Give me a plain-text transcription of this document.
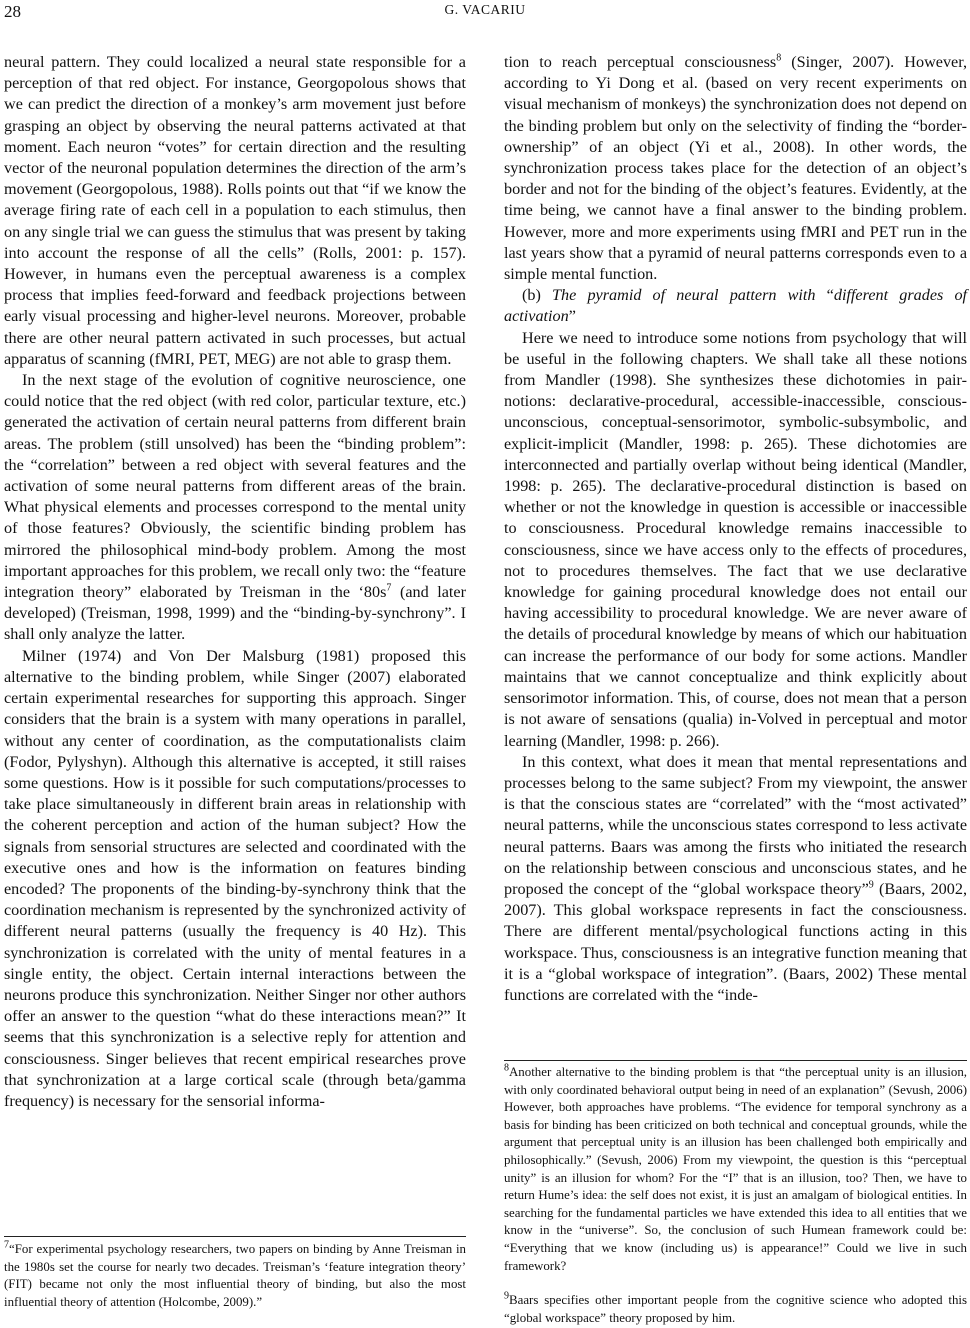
28	G. VACARIU

neural pattern. They could localized a neural state responsible for a perception of that red object. For instance, Georgopolous shows that we can predict the direction of a monkey’s arm movement just before grasping an object by observing the neural patterns activated at that moment. Each neuron “votes” for certain direction and the resulting vector of the neuronal population determines the direction of the arm’s movement (Georgopolous, 1988). Rolls points out that “if we know the average firing rate of each cell in a population to each stimulus, then on any single trial we can guess the stimulus that was present by taking into account the response of all the cells” (Rolls, 2001: p. 157). However, in humans even the perceptual awareness is a complex process that implies feed-forward and feedback projections between early visual processing and higher-level neurons. Moreover, probable there are other neural pattern activated in such processes, but actual apparatus of scanning (fMRI, PET, MEG) are not able to grasp them.

In the next stage of the evolution of cognitive neuroscience, one could notice that the red object (with red color, particular texture, etc.) generated the activation of certain neural patterns from different brain areas. The problem (still unsolved) has been the “binding problem”: the “correlation” between a red object with several features and the activation of some neural patterns from different areas of the brain. What physical elements and processes correspond to the mental unity of those features? Obviously, the scientific binding problem has mirrored the philosophical mind-body problem. Among the most important approaches for this problem, we recall only two: the “feature integration theory” elaborated by Treisman in the ‘$80s^7$ (and later developed) (Treisman, 1998, 1999) and the “binding-by-synchrony”. I shall only analyze the latter.

Milner (1974) and Von Der Malsburg (1981) proposed this alternative to the binding problem, while Singer (2007) elaborated certain experimental researches for supporting this approach. Singer considers that the brain is a system with many operations in parallel, without any center of coordination, as the computationalists claim (Fodor, Pylyshyn). Although this alternative is accepted, it still raises some questions. How is it possible for such computations/processes to take place simultaneously in different brain areas in relationship with the coherent perception and action of the human subject? How the signals from sensorial structures are selected and coordinated with the executive ones and how is the information on features binding encoded? The proponents of the binding-by-synchrony think that the coordination mechanism is represented by the synchronized activity of different neural patterns (usually the frequency is 40 Hz). This synchronization is correlated with the unity of mental features in a single entity, the object. Certain internal interactions between the neurons produce this synchronization. Neither Singer nor other authors offer an answer to the question “what do these interactions mean?” It seems that this synchronization is a selective reply for attention and consciousness. Singer believes that recent empirical researches prove that synchronization at a large cortical scale (through beta/gamma frequency) is necessary for the sensorial informa-

$^7$“For experimental psychology researchers, two papers on binding by Anne Treisman in the 1980s set the course for nearly two decades. Treisman’s ‘feature integration theory’ (FIT) became not only the most influential theory of binding, but also the most influential theory of attention (Holcombe, 2009).”

tion to reach perceptual consciousness$^8$ (Singer, 2007). However, according to Yi Dong et al. (based on very recent experiments on visual mechanism of monkeys) the synchronization does not depend on the binding problem but only on the selectivity of finding the “border-ownership” of an object (Yi et al., 2008). In other words, the synchronization process takes place for the detection of an object’s border and not for the binding of the object’s features. Evidently, at the time being, we cannot have a final answer to the binding problem. However, more and more experiments using fMRI and PET run in the last years show that a pyramid of neural patterns corresponds even to a simple mental function.

(b) The pyramid of neural pattern with “different grades of activation”

Here we need to introduce some notions from psychology that will be useful in the following chapters. We shall take all these notions from Mandler (1998). She synthesizes these dichotomies in pair-notions: declarative-procedural, accessible-inaccessible, conscious-unconscious, conceptual-sensorimotor, symbolic-subsymbolic, and explicit-implicit (Mandler, 1998: p. 265). These dichotomies are interconnected and partially overlap without being identical (Mandler, 1998: p. 265). The declarative-procedural distinction is based on whether or not the knowledge in question is accessible or inaccessible to consciousness. Procedural knowledge remains inaccessible to consciousness, since we have access only to the effects of procedures, not to procedures themselves. The fact that we use declarative knowledge for gaining procedural knowledge does not entail our having accessibility to procedural knowledge. We are never aware of the details of procedural knowledge by means of which our habituation can increase the performance of our body for some actions. Mandler maintains that we cannot conceptualize and think explicitly about sensorimotor information. This, of course, does not mean that a person is not aware of sensations (qualia) in-Volved in perceptual and motor learning (Mandler, 1998: p. 266).

In this context, what does it mean that mental representations and processes belong to the same subject? From my viewpoint, the answer is that the conscious states are “correlated” with the “most activated” neural patterns, while the unconscious states correspond to less activate neural patterns. Baars was among the firsts who initiated the research on the relationship between conscious and unconscious states, and he proposed the concept of the “global workspace theory”$^9$ (Baars, 2002, 2007). This global workspace represents in fact the consciousness. There are different mental/psychological functions acting in this workspace. Thus, consciousness is an integrative function meaning that it is a “global workspace of integration”. (Baars, 2002) These mental functions are correlated with the “inde-

$^8$Another alternative to the binding problem is that “the perceptual unity is an illusion, with only coordinated behavioral output being in need of an explanation” (Sevush, 2006) However, both approaches have problems. “The evidence for temporal synchrony as a basis for binding has been criticized on both technical and conceptual grounds, while the argument that perceptual unity is an illusion has been challenged both empirically and philosophically.” (Sevush, 2006) From my viewpoint, the question is this “perceptual unity” is an illusion for whom? For the “I” that is an illusion, too? Then, we have to return Hume’s idea: the self does not exist, it is just an amalgam of biological entities. In searching for the fundamental particles we have extended this idea to all entities that we know in the “universe”. So, the conclusion of such Humean framework could be: “Everything that we know (including us) is appearance!” Could we live in such framework?

$^9$Baars specifies other important people from the cognitive science who adopted this “global workspace” theory proposed by him.
